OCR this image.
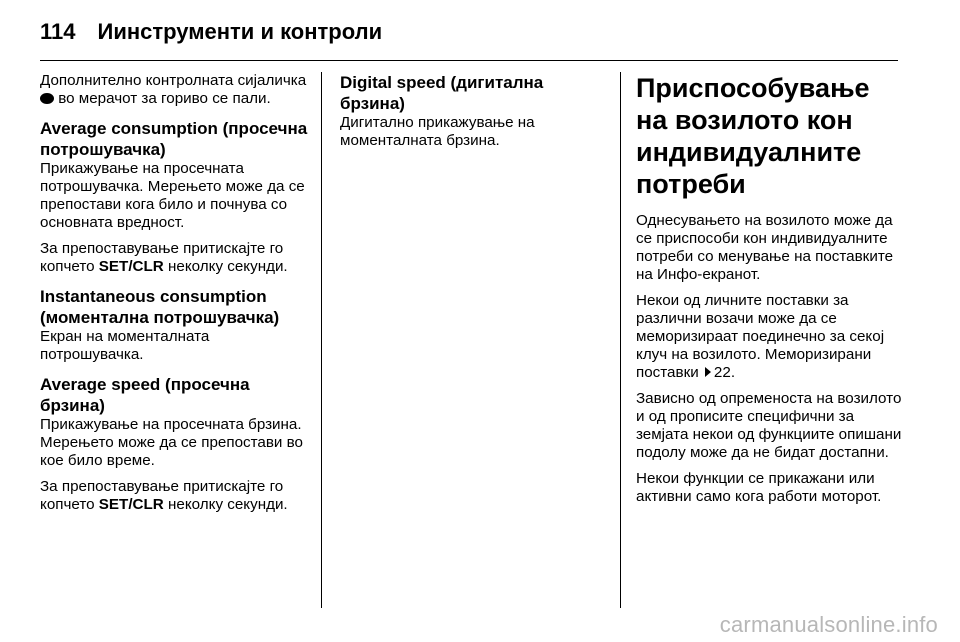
114 Иинструменти и контроли

Дополнително контролната сијаличка  во мерачот за гориво се пали.

Average consumption (просечна потрошувачка)

Прикажување на просечната потрошувачка. Мерењето може да се препостави кога било и почнува со основната вредност.

За препоставување притискајте го копчето SET/CLR неколку секунди.

Instantaneous consumption (моментална потрошувачка)

Екран на моменталната потрошувачка.

Average speed (просечна брзина)

Прикажување на просечната брзина. Мерењето може да се препостави во кое било време.

За препоставување притискајте го копчето SET/CLR неколку секунди.

Digital speed (дигитална брзина)

Дигитално прикажување на моменталната брзина.

Приспособување на возилото кон индивидуалните потреби

Однесувањето на возилото може да се приспособи кон индивидуалните потреби со менување на поставките на Инфо-екранот.

Некои од личните поставки за различни возачи може да се меморизираат поединечно за секој клуч на возилото. Меморизирани поставки 22.

Зависно од опременоста на возилото и од прописите специфични за земјата некои од функциите опишани подолу може да не бидат достапни.

Некои функции се прикажани или активни само кога работи моторот.

carmanualsonline.info
